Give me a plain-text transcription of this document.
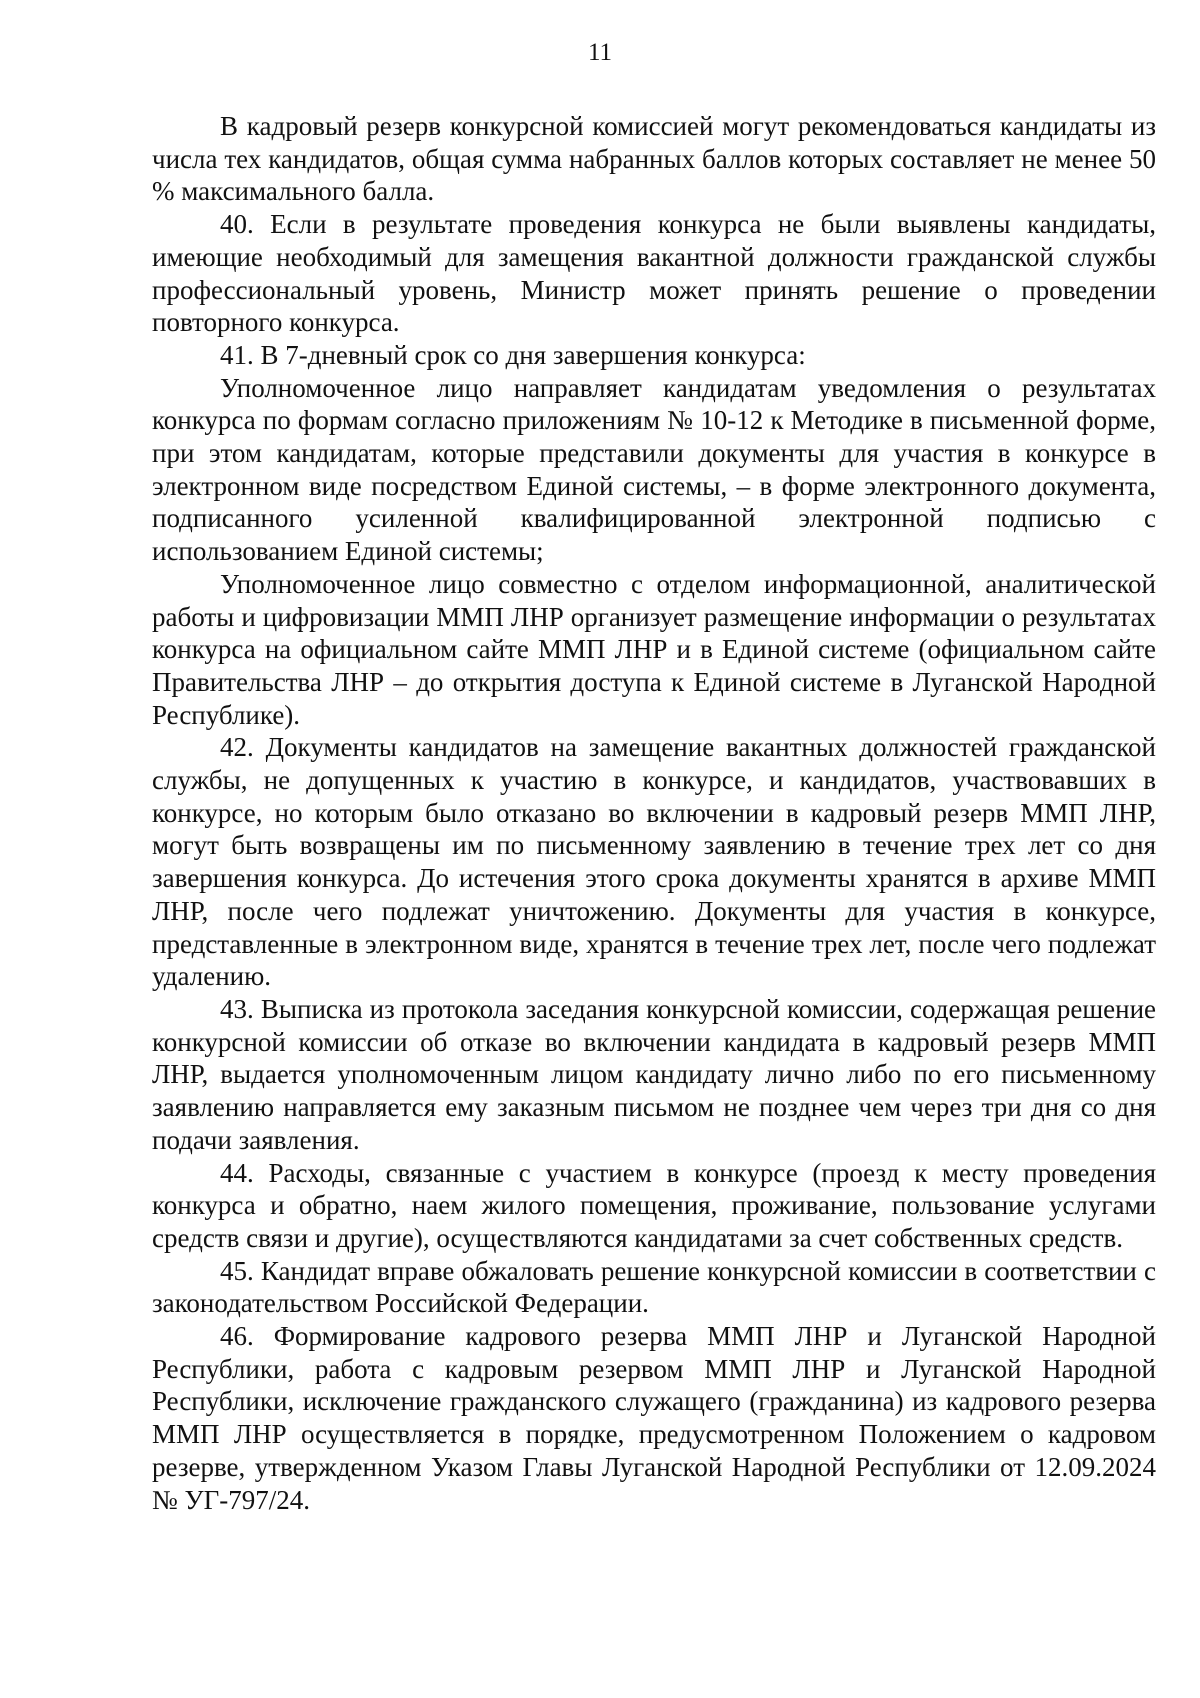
11

В кадровый резерв конкурсной комиссией могут рекомендоваться кандидаты из числа тех кандидатов, общая сумма набранных баллов которых составляет не менее 50 % максимального балла.

40. Если в результате проведения конкурса не были выявлены кандидаты, имеющие необходимый для замещения вакантной должности гражданской службы профессиональный уровень, Министр может принять решение о проведении повторного конкурса.

41. В 7-дневный срок со дня завершения конкурса:

Уполномоченное лицо направляет кандидатам уведомления о результатах конкурса по формам согласно приложениям № 10-12 к Методике в письменной форме, при этом кандидатам, которые представили документы для участия в конкурсе в электронном виде посредством Единой системы, – в форме электронного документа, подписанного усиленной квалифицированной электронной подписью с использованием Единой системы;

Уполномоченное лицо совместно с отделом информационной, аналитической работы и цифровизации ММП ЛНР организует размещение информации о результатах конкурса на официальном сайте ММП ЛНР и в Единой системе (официальном сайте Правительства ЛНР – до открытия доступа к Единой системе в Луганской Народной Республике).

42. Документы кандидатов на замещение вакантных должностей гражданской службы, не допущенных к участию в конкурсе, и кандидатов, участвовавших в конкурсе, но которым было отказано во включении в кадровый резерв ММП ЛНР, могут быть возвращены им по письменному заявлению в течение трех лет со дня завершения конкурса. До истечения этого срока документы хранятся в архиве ММП ЛНР, после чего подлежат уничтожению. Документы для участия в конкурсе, представленные в электронном виде, хранятся в течение трех лет, после чего подлежат удалению.

43. Выписка из протокола заседания конкурсной комиссии, содержащая решение конкурсной комиссии об отказе во включении кандидата в кадровый резерв ММП ЛНР, выдается уполномоченным лицом кандидату лично либо по его письменному заявлению направляется ему заказным письмом не позднее чем через три дня со дня подачи заявления.

44. Расходы, связанные с участием в конкурсе (проезд к месту проведения конкурса и обратно, наем жилого помещения, проживание, пользование услугами средств связи и другие), осуществляются кандидатами за счет собственных средств.

45. Кандидат вправе обжаловать решение конкурсной комиссии в соответствии с законодательством Российской Федерации.

46. Формирование кадрового резерва ММП ЛНР и Луганской Народной Республики, работа с кадровым резервом ММП ЛНР и Луганской Народной Республики, исключение гражданского служащего (гражданина) из кадрового резерва ММП ЛНР осуществляется в порядке, предусмотренном Положением о кадровом резерве, утвержденном Указом Главы Луганской Народной Республики от 12.09.2024 № УГ-797/24.
